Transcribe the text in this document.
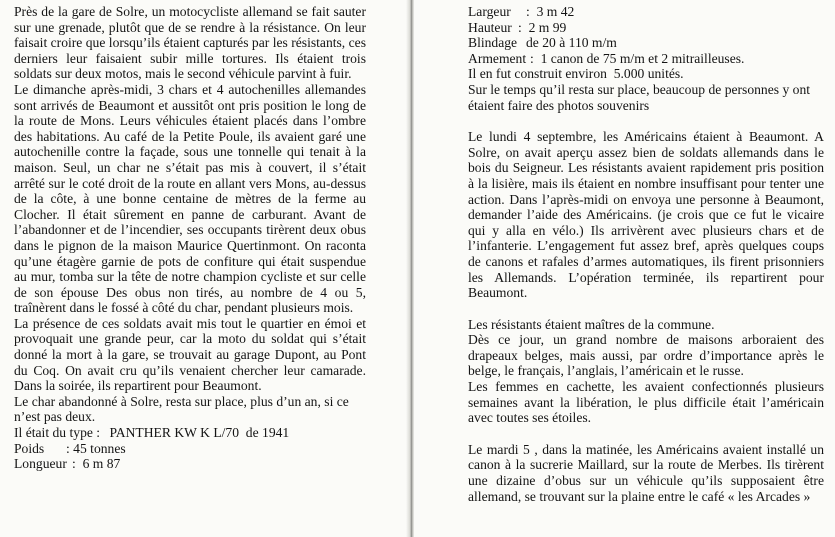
Près de la gare de Solre, un motocycliste allemand se fait sauter sur une grenade, plutôt que de se rendre à la résistance. On leur faisait croire que lorsqu’ils étaient capturés par les résistants, ces derniers leur faisaient subir mille tortures. Ils étaient trois soldats sur deux motos, mais le second véhicule parvint à fuir.

Le dimanche après-midi, 3 chars et 4 autochenilles allemandes sont arrivés de Beaumont et aussitôt ont pris position le long de la route de Mons. Leurs véhicules étaient placés dans l’ombre des habitations. Au café de la Petite Poule, ils avaient garé une autochenille contre la façade, sous une tonnelle qui tenait à la maison. Seul, un char ne s’était pas mis à couvert, il s’était arrêté sur le coté droit de la route en allant vers Mons, au-dessus de la côte, à une bonne centaine de mètres de la ferme au Clocher. Il était sûrement en panne de carburant. Avant de l’abandonner et de l’incendier, ses occupants tirèrent deux obus dans le pignon de la maison Maurice Quertinmont. On raconta qu’une étagère garnie de pots de confiture qui était suspendue au mur, tomba sur la tête de notre champion cycliste et sur celle de son épouse Des obus non tirés, au nombre de 4 ou 5, traînèrent dans le fossé à côté du char, pendant plusieurs mois.

La présence de ces soldats avait mis tout le quartier en émoi et provoquait une grande peur, car la moto du soldat qui s’était donné la mort à la gare, se trouvait au garage Dupont, au Pont du Coq. On avait cru qu’ils venaient chercher leur camarade. Dans la soirée, ils repartirent pour Beaumont.

Le char abandonné à Solre, resta sur place, plus d’un an, si ce n’est pas deux.

Il était du type : PANTHER KW K L/70  de 1941

Poids : 45 tonnes

Longueur :  6 m 87

Largeur :  3 m 42

Hauteur :  2 m 99

Blindage de 20 à 110 m/m

Armement :  1 canon de 75 m/m et 2 mitrailleuses.

Il en fut construit environ  5.000 unités.

Sur le temps qu’il resta sur place, beaucoup de personnes y ont étaient faire des photos souvenirs

Le lundi 4 septembre, les Américains étaient à Beaumont. A Solre, on avait aperçu assez bien de soldats allemands dans le bois du Seigneur. Les résistants avaient rapidement pris position à la lisière, mais ils étaient en nombre insuffisant pour tenter une action. Dans l’après-midi on envoya une personne à Beaumont, demander l’aide des Américains. (je crois que ce fut le vicaire qui y alla en vélo.) Ils arrivèrent avec plusieurs chars et de l’infanterie. L’engagement fut assez bref, après quelques coups de canons et rafales d’armes automatiques, ils firent prisonniers les Allemands. L’opération terminée, ils repartirent pour Beaumont.

Les résistants étaient maîtres de la commune.

Dès ce jour, un grand nombre de maisons arboraient des drapeaux belges, mais aussi, par ordre d’importance après le belge, le français, l’anglais, l’américain et le russe.

Les femmes en cachette, les avaient confectionnés plusieurs semaines avant la libération, le plus difficile était l’américain avec toutes ses étoiles.

Le mardi 5 , dans la matinée, les Américains avaient installé un canon à la sucrerie Maillard, sur la route de Merbes. Ils tirèrent une dizaine d’obus sur un véhicule qu’ils supposaient être allemand, se trouvant sur la plaine entre le café « les Arcades »
